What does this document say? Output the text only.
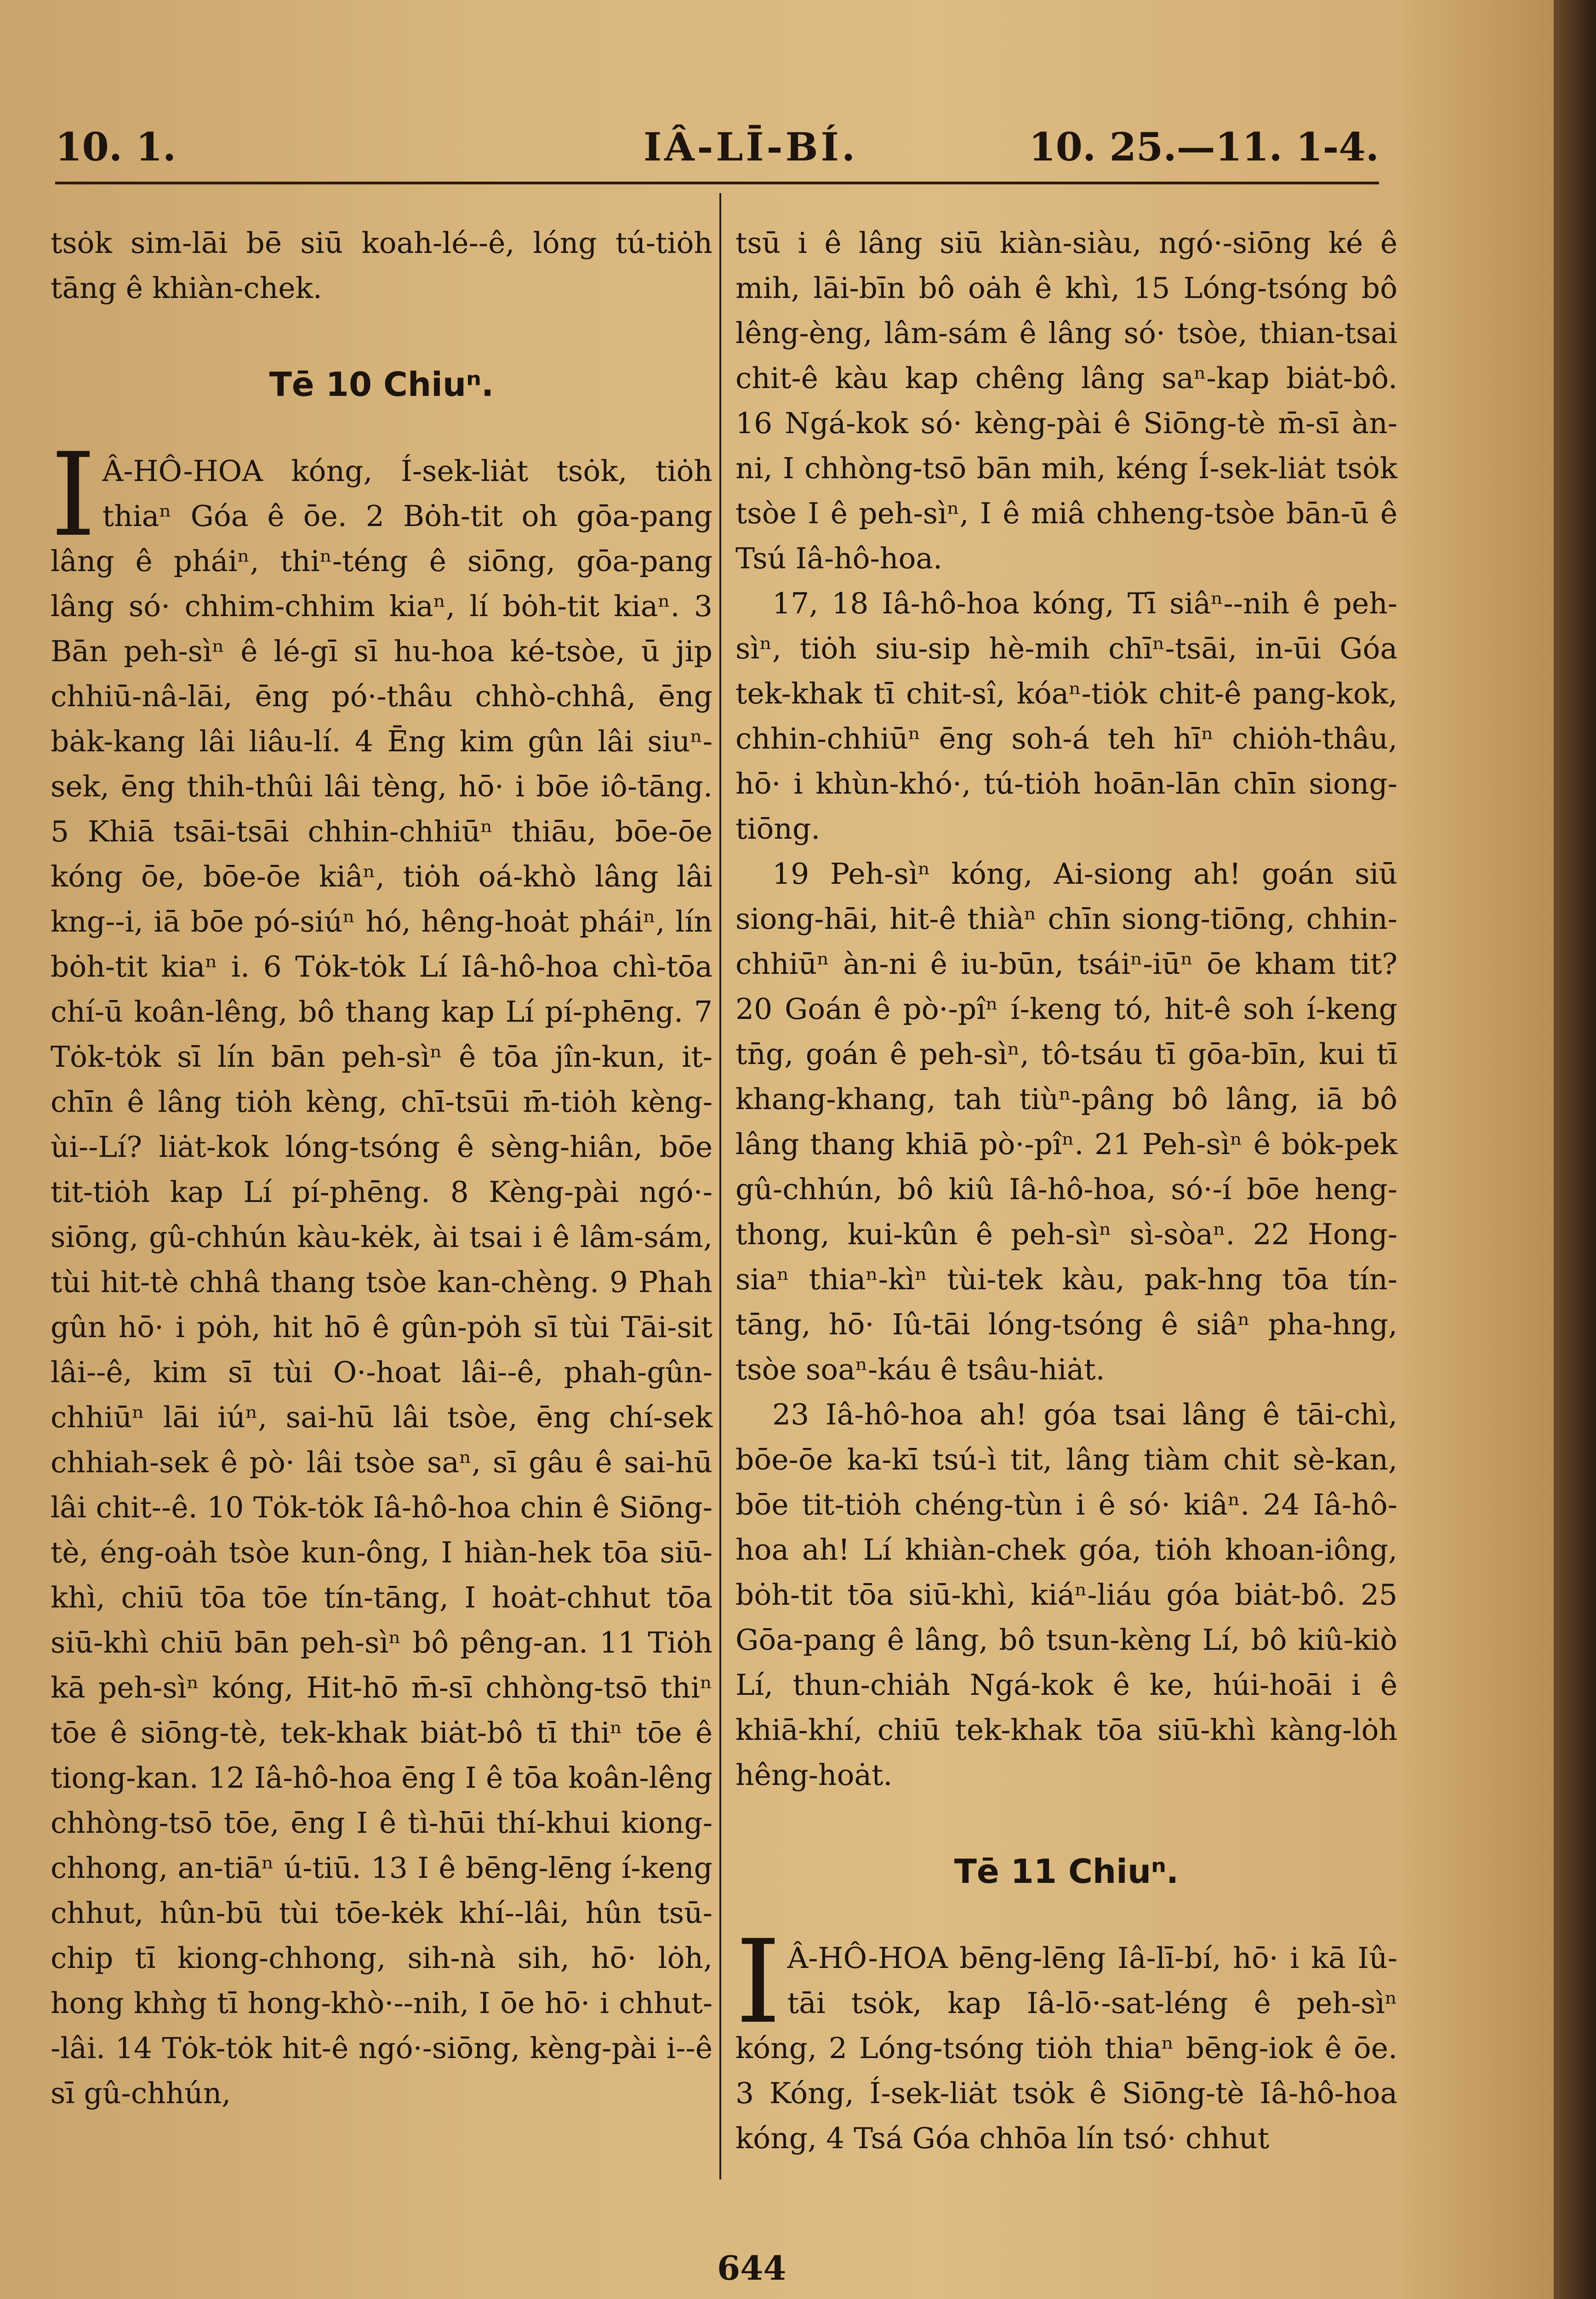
10. 1.	IÂ-LĪ-BÍ.	10. 25.—11. 1-4.

tsȯk sim-lāi bē siū koah-lé--ê, lóng tú-tiȯh tāng ê khiàn-chek.

Tē 10 Chiuⁿ.

I Â-HÔ-HOA kóng, Í-sek-liȧt tsȯk, tiȯh thiaⁿ Góa ê ōe. 2 Bȯh-tit oh gōa-pang lâng ê pháiⁿ, thiⁿ-téng ê siōng, gōa-pang lâng só· chhim-chhim kiaⁿ, lí bȯh-tit kiaⁿ. 3 Bān peh-sìⁿ ê lé-gī sī hu-hoa ké-tsòe, ū jip chhiū-nâ-lāi, ēng pó·-thâu chhò-chhâ, ēng bȧk-kang lâi liâu-lí. 4 Ēng kim gûn lâi siuⁿ-sek, ēng thih-thûi lâi tèng, hō· i bōe iô-tāng. 5 Khiā tsāi-tsāi chhin-chhiūⁿ thiāu, bōe-ōe kóng ōe, bōe-ōe kiâⁿ, tiȯh oá-khò lâng lâi kng--i, iā bōe pó-siúⁿ hó, hêng-hoȧt pháiⁿ, lín bȯh-tit kiaⁿ i. 6 Tȯk-tȯk Lí Iâ-hô-hoa chì-tōa chí-ū koân-lêng, bô thang kap Lí pí-phēng. 7 Tȯk-tȯk sī lín bān peh-sìⁿ ê tōa jîn-kun, it-chīn ê lâng tiȯh kèng, chī-tsūi m̄-tiȯh kèng-ùi--Lí? liȧt-kok lóng-tsóng ê sèng-hiân, bōe tit-tiȯh kap Lí pí-phēng. 8 Kèng-pài ngó·-siōng, gû-chhún kàu-kėk, ài tsai i ê lâm-sám, tùi hit-tè chhâ thang tsòe kan-chèng. 9 Phah gûn hō· i pȯh, hit hō ê gûn-pȯh sī tùi Tāi-sit lâi--ê, kim sī tùi O·-hoat lâi--ê, phah-gûn-chhiūⁿ lāi iúⁿ, sai-hū lâi tsòe, ēng chí-sek chhiah-sek ê pò· lâi tsòe saⁿ, sī gâu ê sai-hū lâi chit--ê. 10 Tȯk-tȯk Iâ-hô-hoa chin ê Siōng-tè, éng-oȧh tsòe kun-ông, I hiàn-hek tōa siū-khì, chiū tōa tōe tín-tāng, I hoȧt-chhut tōa siū-khì chiū bān peh-sìⁿ bô pêng-an. 11 Tiȯh kā peh-sìⁿ kóng, Hit-hō m̄-sī chhòng-tsō thiⁿ tōe ê siōng-tè, tek-khak biȧt-bô tī thiⁿ tōe ê tiong-kan. 12 Iâ-hô-hoa ēng I ê tōa koân-lêng chhòng-tsō tōe, ēng I ê tì-hūi thí-khui kiong-chhong, an-tiāⁿ ú-tiū. 13 I ê bēng-lēng í-keng chhut, hûn-bū tùi tōe-kėk khí--lâi, hûn tsū-chip tī kiong-chhong, sih-nà sih, hō· lȯh, hong khǹg tī hong-khò·--nih, I ōe hō· i chhut--lâi. 14 Tȯk-tȯk hit-ê ngó·-siōng, kèng-pài i--ê sī gû-chhún,

tsū i ê lâng siū kiàn-siàu, ngó·-siōng ké ê mih, lāi-bīn bô oȧh ê khì, 15 Lóng-tsóng bô lêng-èng, lâm-sám ê lâng só· tsòe, thian-tsai chit-ê kàu kap chêng lâng saⁿ-kap biȧt-bô. 16 Ngá-kok só· kèng-pài ê Siōng-tè m̄-sī àn-ni, I chhòng-tsō bān mih, kéng Í-sek-liȧt tsȯk tsòe I ê peh-sìⁿ, I ê miâ chheng-tsòe bān-ū ê Tsú Iâ-hô-hoa.

17, 18 Iâ-hô-hoa kóng, Tī siâⁿ--nih ê peh-sìⁿ, tiȯh siu-sip hè-mih chīⁿ-tsāi, in-ūi Góa tek-khak tī chit-sî, kóaⁿ-tiȯk chit-ê pang-kok, chhin-chhiūⁿ ēng soh-á teh hīⁿ chiȯh-thâu, hō· i khùn-khó·, tú-tiȯh hoān-lān chīn siong-tiōng.

19 Peh-sìⁿ kóng, Ai-siong ah! goán siū siong-hāi, hit-ê thiàⁿ chīn siong-tiōng, chhin-chhiūⁿ àn-ni ê iu-būn, tsáiⁿ-iūⁿ ōe kham tit? 20 Goán ê pò·-pîⁿ í-keng tó, hit-ê soh í-keng tn̄g, goán ê peh-sìⁿ, tô-tsáu tī gōa-bīn, kui tī khang-khang, tah tiùⁿ-pâng bô lâng, iā bô lâng thang khiā pò·-pîⁿ. 21 Peh-sìⁿ ê bȯk-pek gû-chhún, bô kiû Iâ-hô-hoa, só·-í bōe heng-thong, kui-kûn ê peh-sìⁿ sì-sòaⁿ. 22 Hong-siaⁿ thiaⁿ-kìⁿ tùi-tek kàu, pak-hng tōa tín-tāng, hō· Iû-tāi lóng-tsóng ê siâⁿ pha-hng, tsòe soaⁿ-káu ê tsâu-hiȧt.

23 Iâ-hô-hoa ah! góa tsai lâng ê tāi-chì, bōe-ōe ka-kī tsú-ì tit, lâng tiàm chit sè-kan, bōe tit-tiȯh chéng-tùn i ê só· kiâⁿ. 24 Iâ-hô-hoa ah! Lí khiàn-chek góa, tiȯh khoan-iông, bȯh-tit tōa siū-khì, kiáⁿ-liáu góa biȧt-bô. 25 Gōa-pang ê lâng, bô tsun-kèng Lí, bô kiû-kiò Lí, thun-chiȧh Ngá-kok ê ke, húi-hoāi i ê khiā-khí, chiū tek-khak tōa siū-khì kàng-lȯh hêng-hoȧt.

Tē 11 Chiuⁿ.

I Â-HÔ-HOA bēng-lēng Iâ-lī-bí, hō· i kā Iû-tāi tsȯk, kap Iâ-lō·-sat-léng ê peh-sìⁿ kóng, 2 Lóng-tsóng tiȯh thiaⁿ bēng-iok ê ōe. 3 Kóng, Í-sek-liȧt tsȯk ê Siōng-tè Iâ-hô-hoa kóng, 4 Tsá Góa chhōa lín tsó· chhut

644
